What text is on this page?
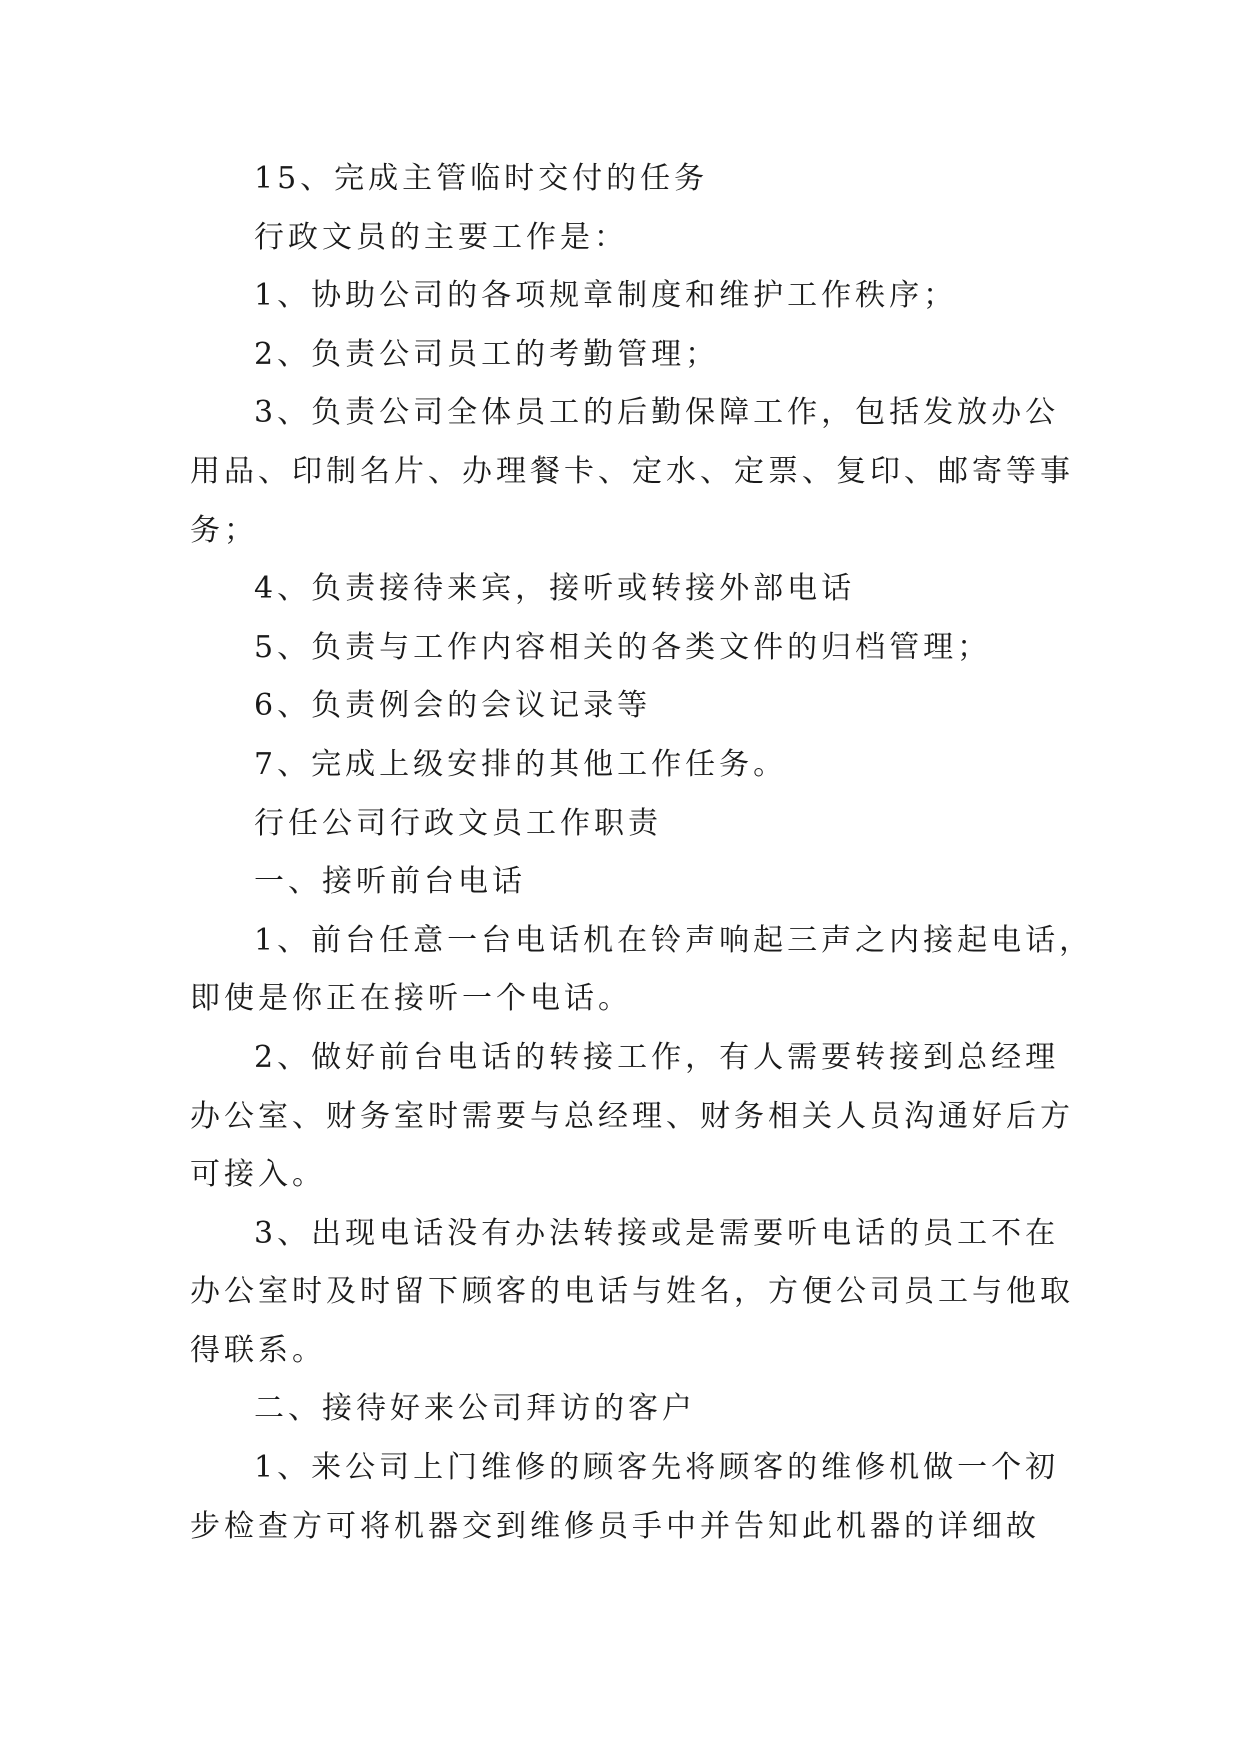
15、完成主管临时交付的任务

行政文员的主要工作是：

1、协助公司的各项规章制度和维护工作秩序；

2、负责公司员工的考勤管理；

3、负责公司全体员工的后勤保障工作，包括发放办公

用品、印制名片、办理餐卡、定水、定票、复印、邮寄等事

务；

4、负责接待来宾，接听或转接外部电话

5、负责与工作内容相关的各类文件的归档管理；

6、负责例会的会议记录等

7、完成上级安排的其他工作任务。

行任公司行政文员工作职责

一、接听前台电话

1、前台任意一台电话机在铃声响起三声之内接起电话，

即使是你正在接听一个电话。

2、做好前台电话的转接工作，有人需要转接到总经理

办公室、财务室时需要与总经理、财务相关人员沟通好后方

可接入。

3、出现电话没有办法转接或是需要听电话的员工不在

办公室时及时留下顾客的电话与姓名，方便公司员工与他取

得联系。

二、接待好来公司拜访的客户

1、来公司上门维修的顾客先将顾客的维修机做一个初

步检查方可将机器交到维修员手中并告知此机器的详细故
